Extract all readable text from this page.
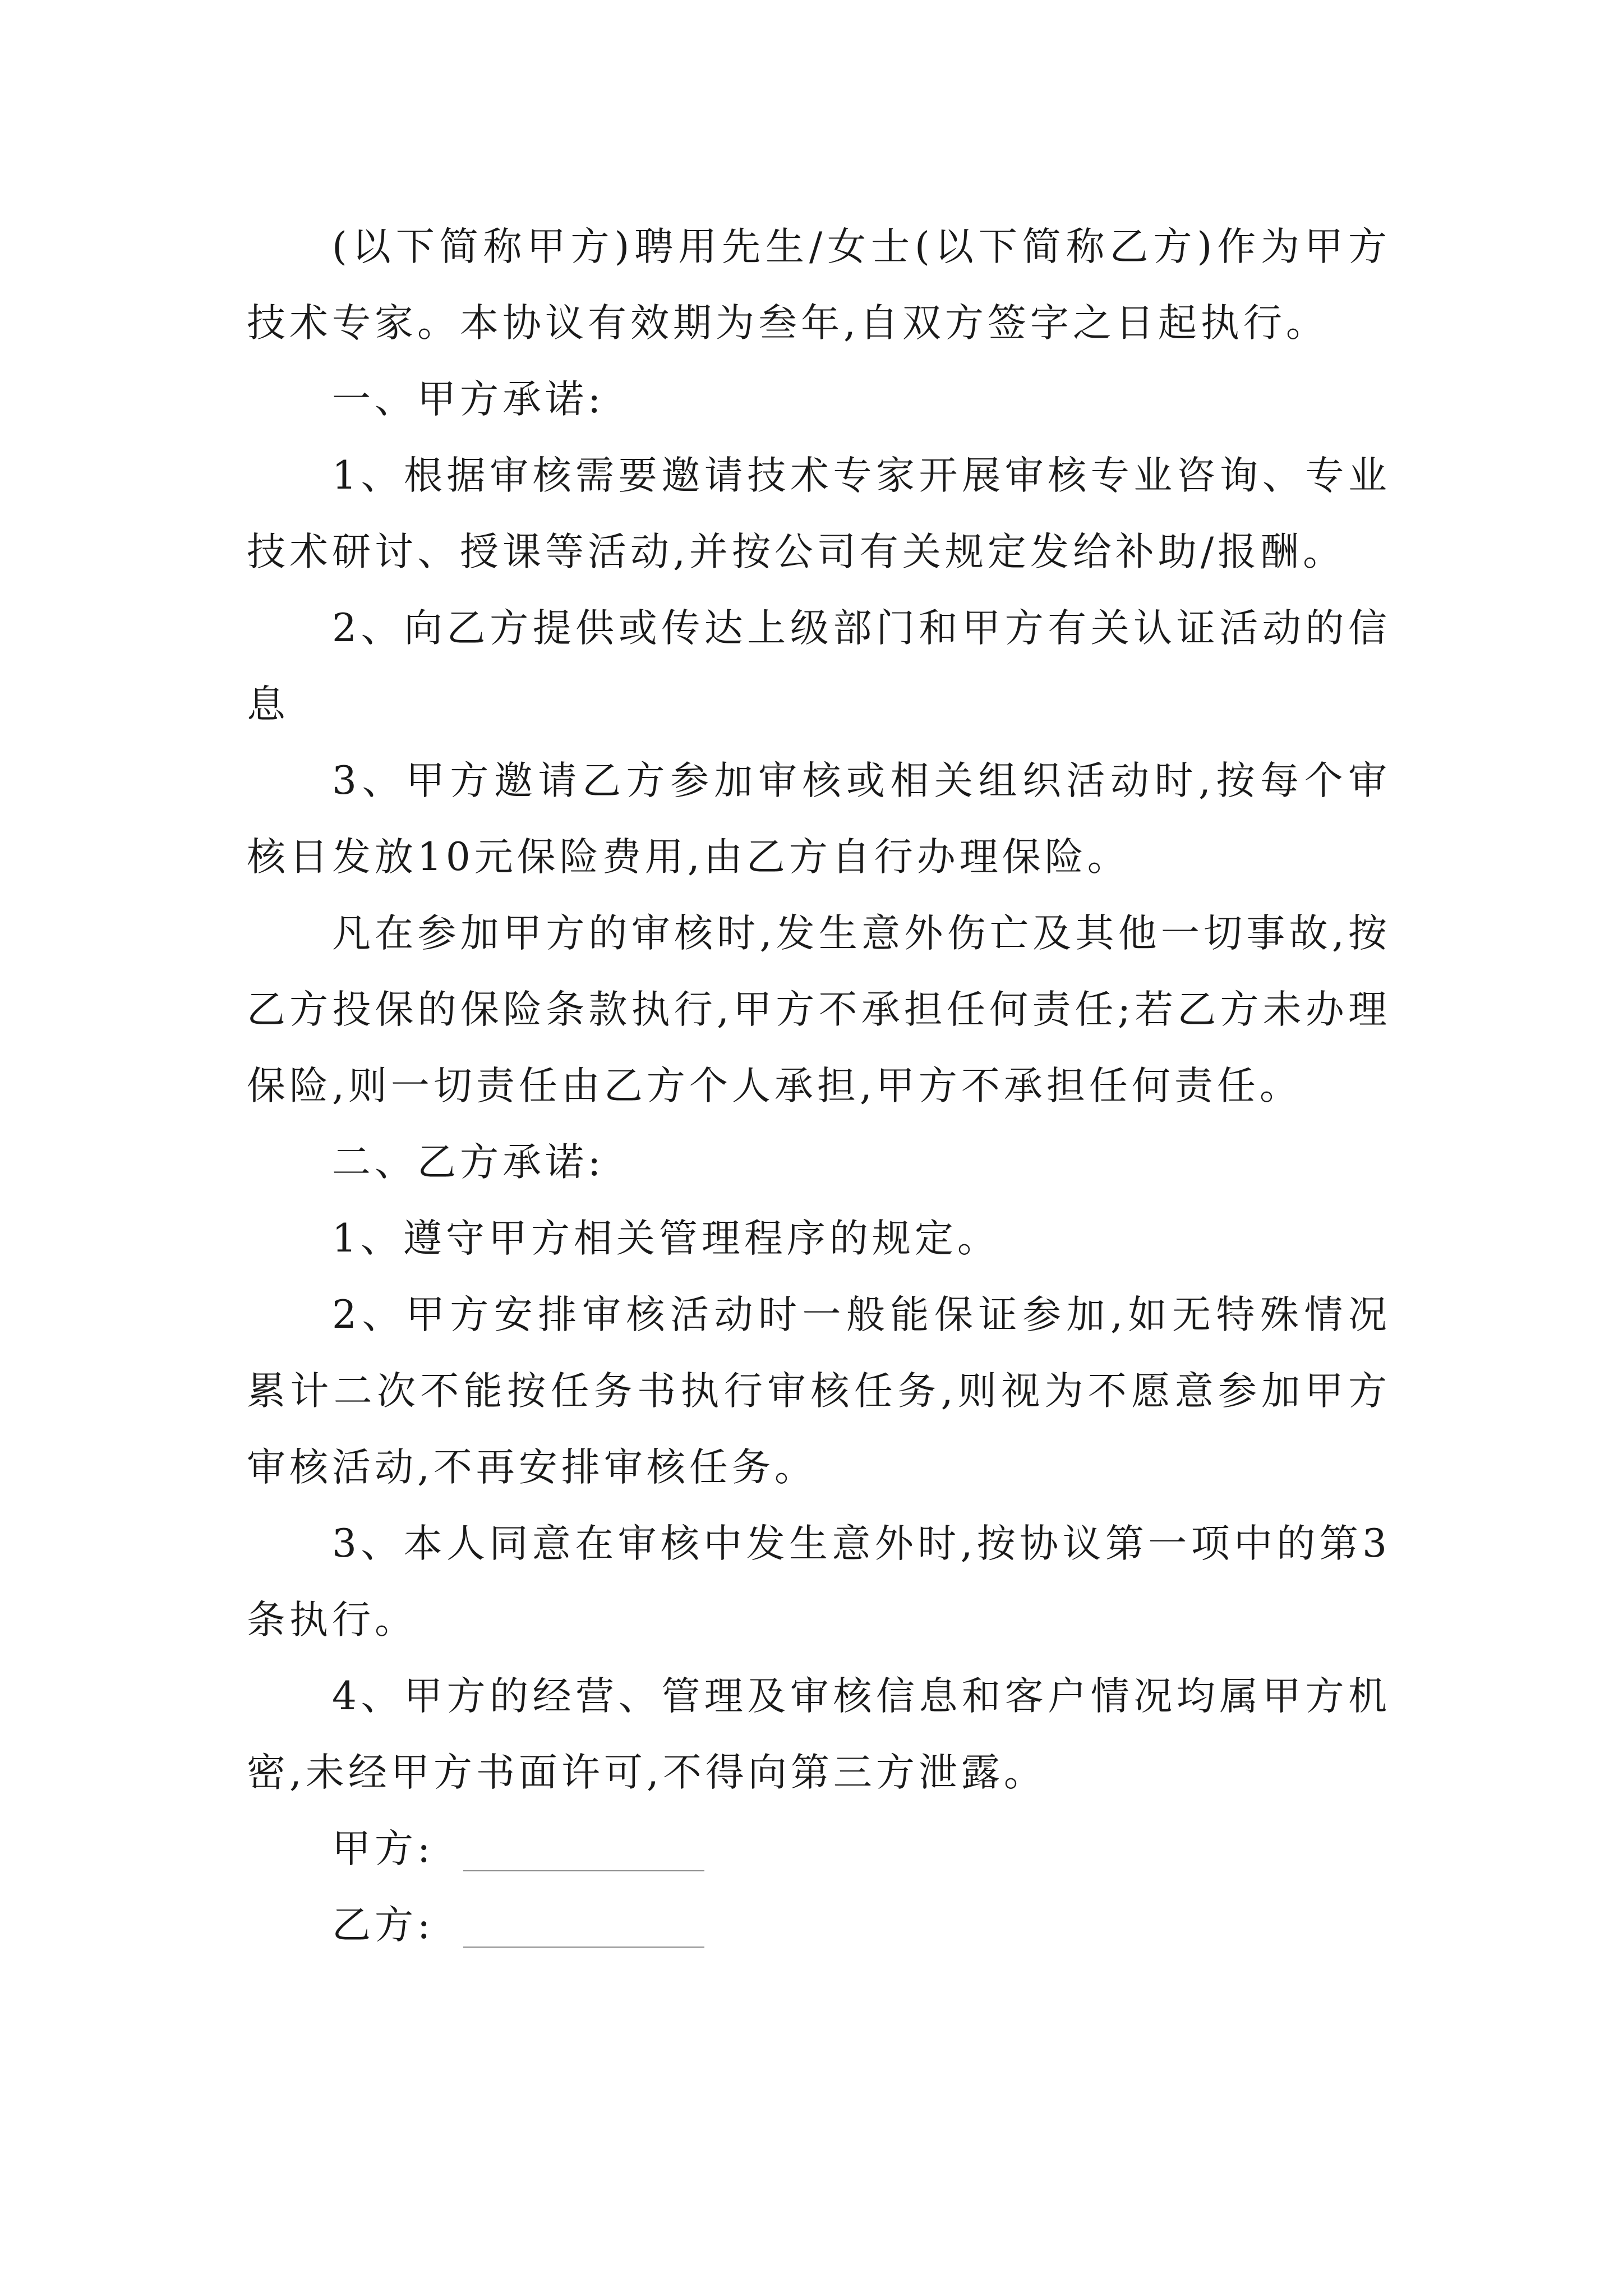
(以下简称甲方)聘用先生/女士(以下简称乙方)作为甲方技术专家。本协议有效期为叁年,自双方签字之日起执行。

一、甲方承诺:

1、根据审核需要邀请技术专家开展审核专业咨询、专业技术研讨、授课等活动,并按公司有关规定发给补助/报酬。

2、向乙方提供或传达上级部门和甲方有关认证活动的信息

3、甲方邀请乙方参加审核或相关组织活动时,按每个审核日发放10元保险费用,由乙方自行办理保险。

凡在参加甲方的审核时,发生意外伤亡及其他一切事故,按乙方投保的保险条款执行,甲方不承担任何责任;若乙方未办理保险,则一切责任由乙方个人承担,甲方不承担任何责任。

二、乙方承诺:

1、遵守甲方相关管理程序的规定。

2、甲方安排审核活动时一般能保证参加,如无特殊情况累计二次不能按任务书执行审核任务,则视为不愿意参加甲方审核活动,不再安排审核任务。

3、本人同意在审核中发生意外时,按协议第一项中的第3条执行。

4、甲方的经营、管理及审核信息和客户情况均属甲方机密,未经甲方书面许可,不得向第三方泄露。

甲方:
乙方:
